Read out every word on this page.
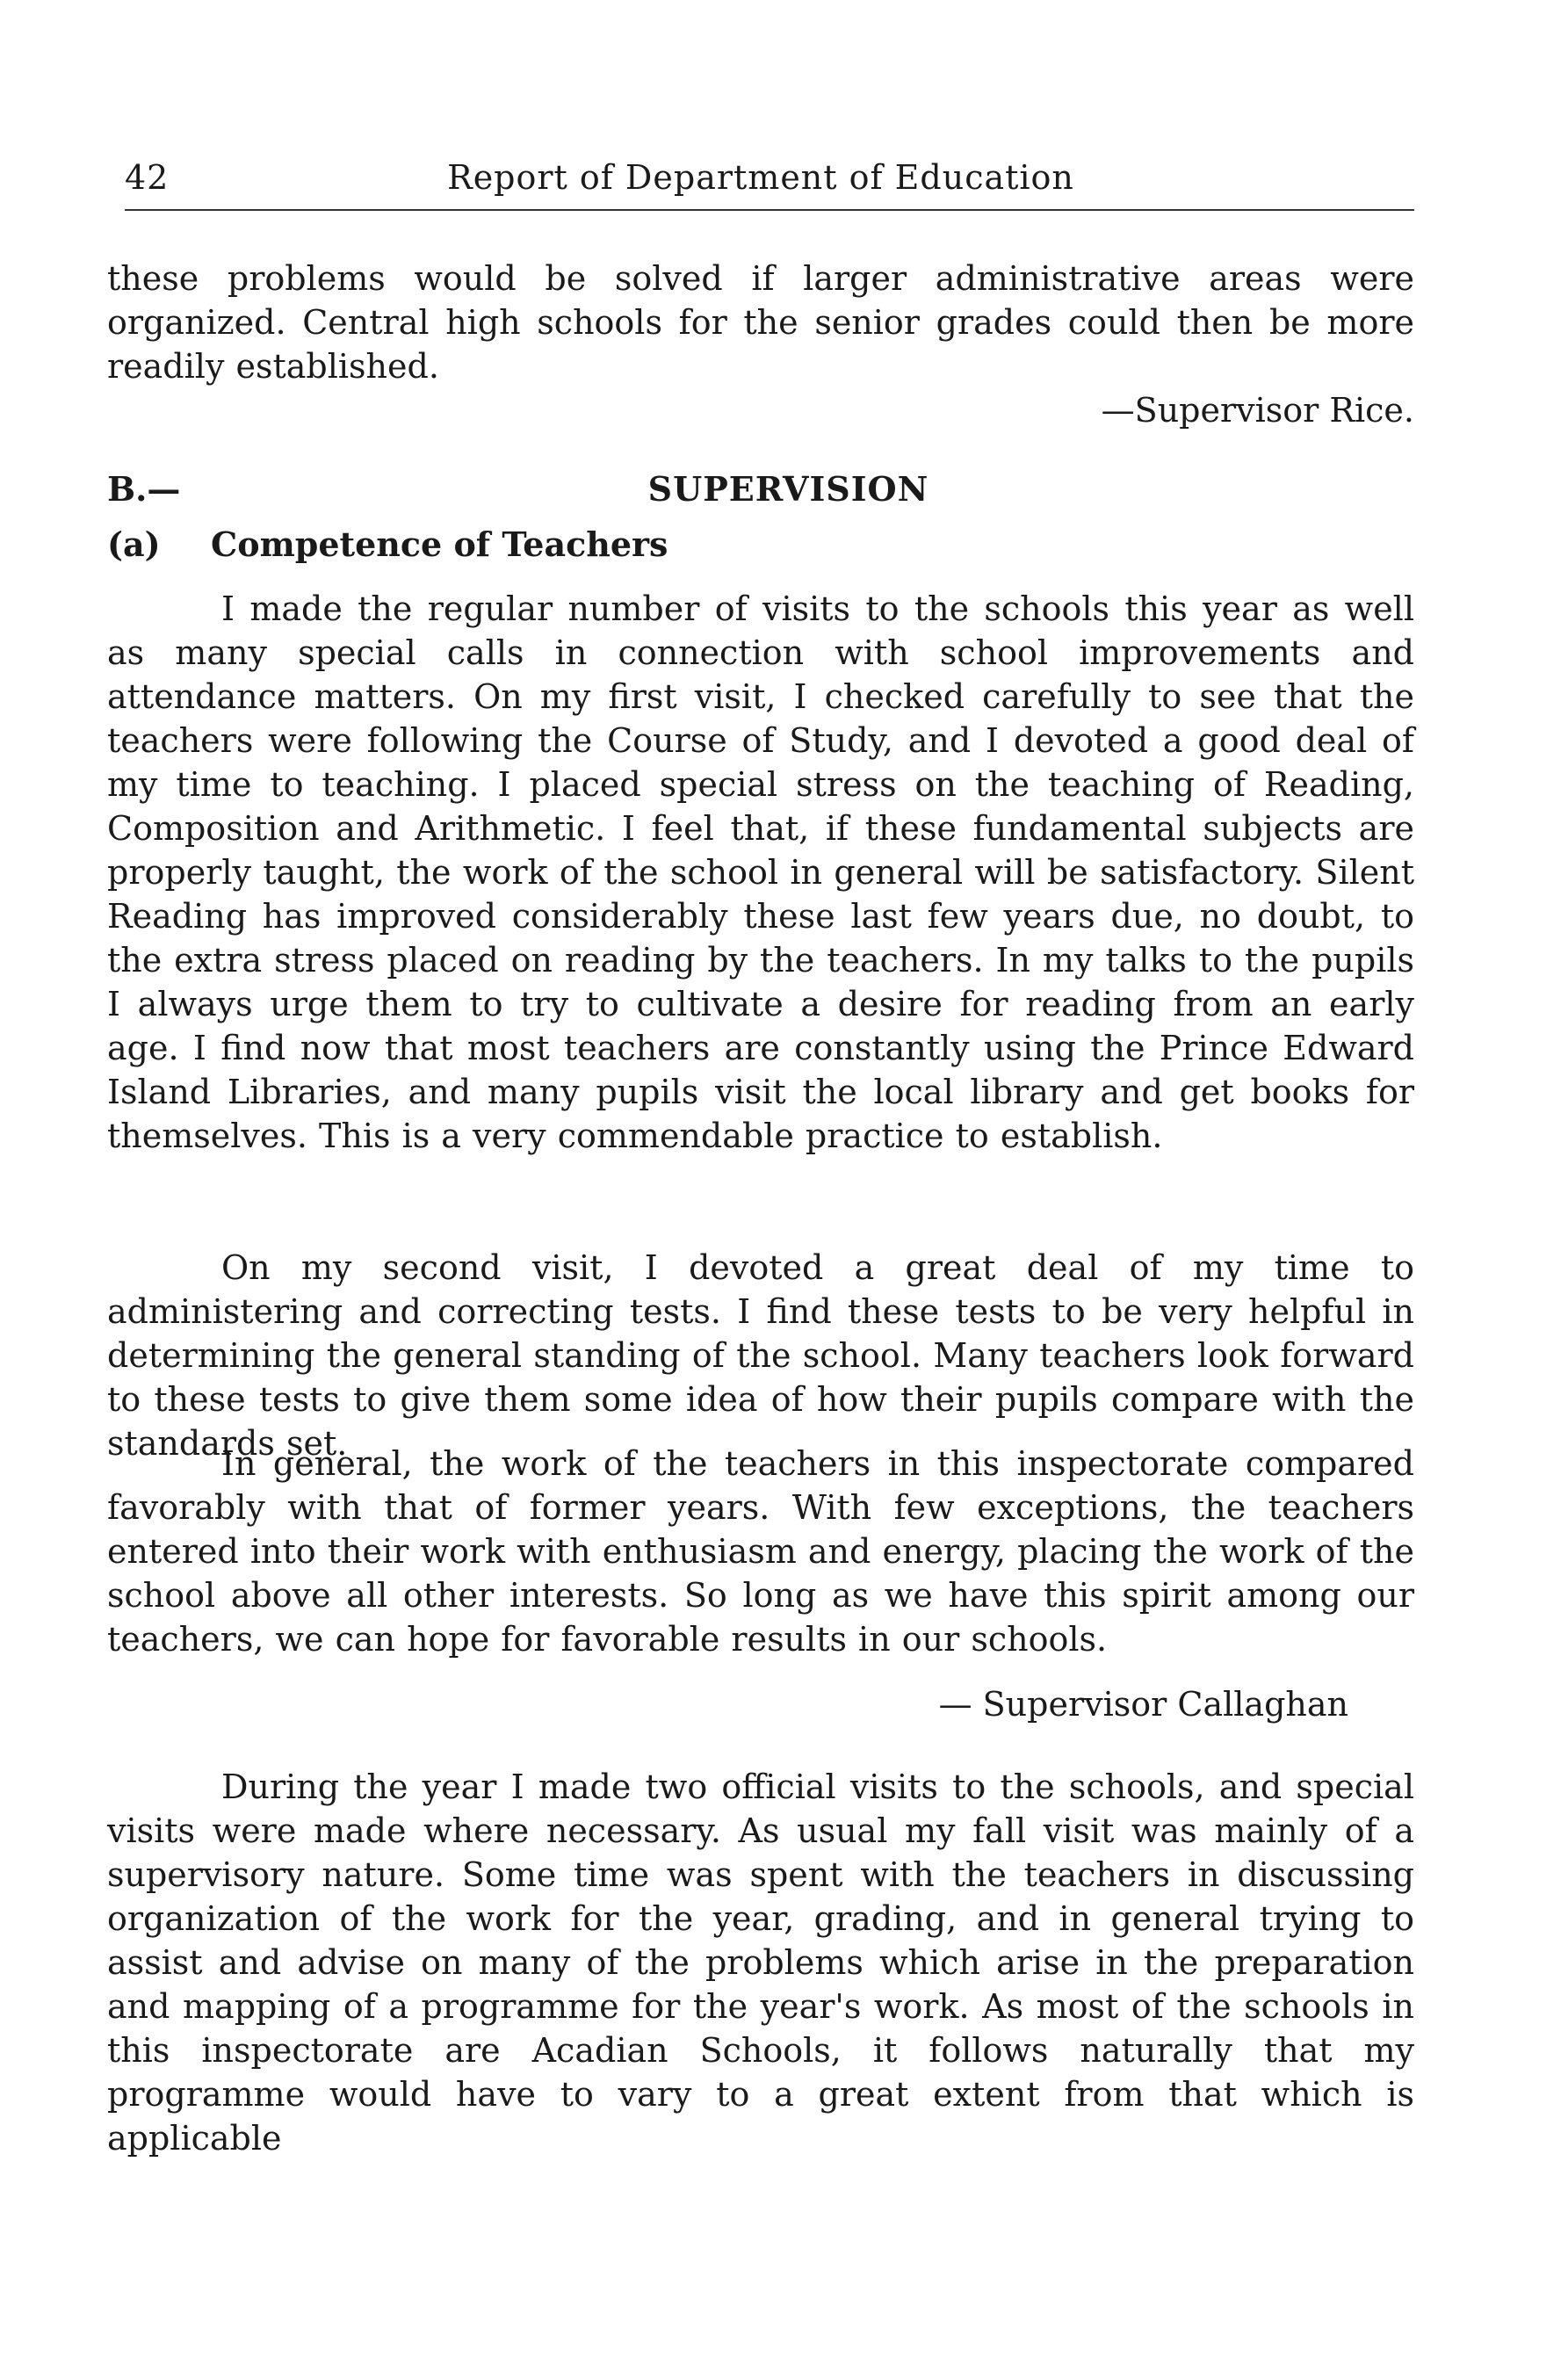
42	Report of Department of Education

these problems would be solved if larger administrative areas were organized. Central high schools for the senior grades could then be more readily established.

—Supervisor Rice.
B.—	SUPERVISION
(a) Competence of Teachers

I made the regular number of visits to the schools this year as well as many special calls in connection with school improvements and attendance matters. On my first visit, I checked carefully to see that the teachers were following the Course of Study, and I devoted a good deal of my time to teaching. I placed special stress on the teaching of Reading, Composition and Arithmetic. I feel that, if these fundamental subjects are properly taught, the work of the school in general will be satisfactory. Silent Reading has improved considerably these last few years due, no doubt, to the extra stress placed on reading by the teachers. In my talks to the pupils I always urge them to try to cultivate a desire for reading from an early age. I find now that most teachers are constantly using the Prince Edward Island Libraries, and many pupils visit the local library and get books for themselves. This is a very commendable practice to establish.

On my second visit, I devoted a great deal of my time to administering and correcting tests. I find these tests to be very helpful in determining the general standing of the school. Many teachers look forward to these tests to give them some idea of how their pupils compare with the standards set.

In general, the work of the teachers in this inspectorate compared favorably with that of former years. With few exceptions, the teachers entered into their work with enthusiasm and energy, placing the work of the school above all other interests. So long as we have this spirit among our teachers, we can hope for favorable results in our schools.

— Supervisor Callaghan

During the year I made two official visits to the schools, and special visits were made where necessary. As usual my fall visit was mainly of a supervisory nature. Some time was spent with the teachers in discussing organization of the work for the year, grading, and in general trying to assist and advise on many of the problems which arise in the preparation and mapping of a programme for the year's work. As most of the schools in this inspectorate are Acadian Schools, it follows naturally that my programme would have to vary to a great extent from that which is applicable
